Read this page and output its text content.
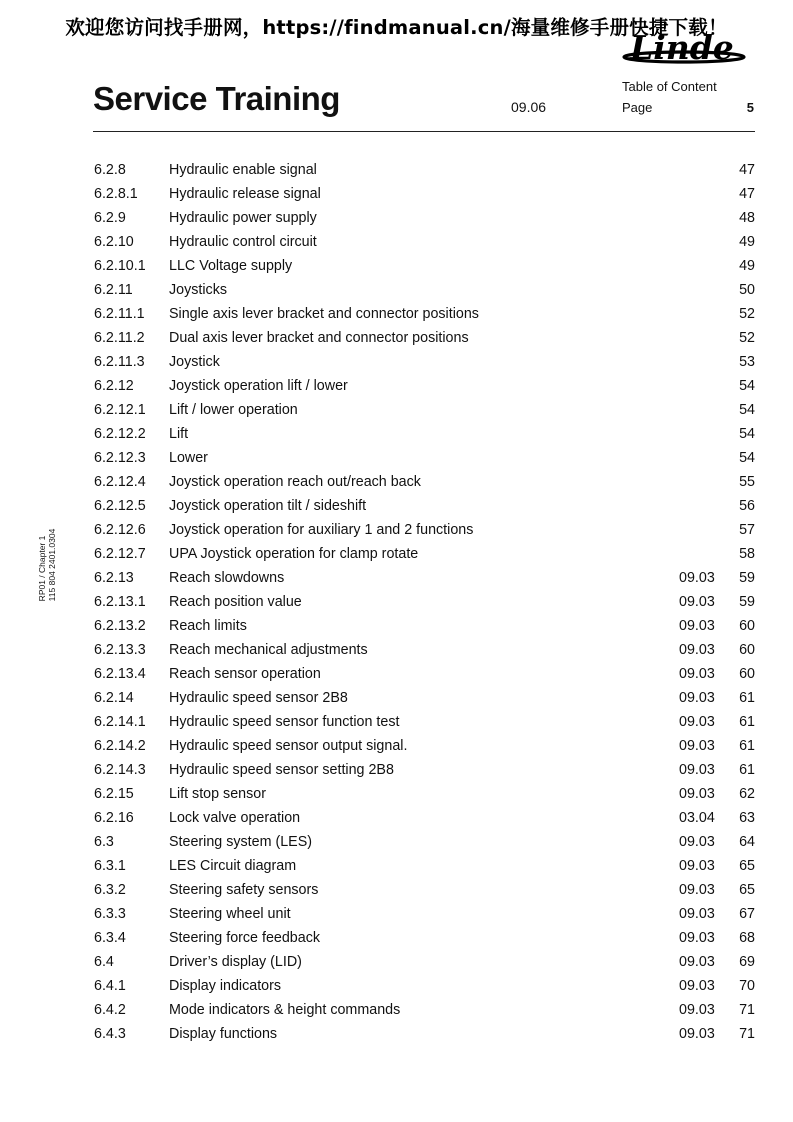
欢迎您访问找手册网，https://findmanual.cn/海量维修手册快捷下载！
Linde
Service Training	09.06
Table of Content
Page	5
RP01 / Chapter 1 115 804 2401.0304
6.2.8	Hydraulic enable signal	47
6.2.8.1 Hydraulic release signal	47
6.2.9	Hydraulic power supply	48
6.2.10 Hydraulic control circuit	49
6.2.10.1 LLC Voltage supply	49
6.2.11	Joysticks	50
6.2.11.1 Single axis lever bracket and connector positions	52
6.2.11.2 Dual axis lever bracket and connector positions	52
6.2.11.3 Joystick	53
6.2.12 Joystick operation lift / lower	54
6.2.12.1 Lift / lower operation	54
6.2.12.2 Lift	54
6.2.12.3 Lower	54
6.2.12.4 Joystick operation reach out/reach back	55
6.2.12.5 Joystick operation tilt / sideshift	56
6.2.12.6 Joystick operation for auxiliary 1 and 2 functions	57
6.2.12.7 UPA Joystick operation for clamp rotate	58
6.2.13 Reach slowdowns	09.03 59
6.2.13.1 Reach position value	09.03 59
6.2.13.2 Reach limits	09.03 60
6.2.13.3 Reach mechanical adjustments	09.03 60
6.2.13.4 Reach sensor operation	09.03 60
6.2.14 Hydraulic speed sensor 2B8	09.03 61
6.2.14.1 Hydraulic speed sensor function test	09.03 61
6.2.14.2 Hydraulic speed sensor output signal.	09.03 61
6.2.14.3 Hydraulic speed sensor setting 2B8	09.03 61
6.2.15 Lift stop sensor	09.03 62
6.2.16 Lock valve operation	03.04 63
6.3	Steering system (LES)	09.03 64
6.3.1	LES Circuit diagram	09.03 65
6.3.2	Steering safety sensors	09.03 65
6.3.3	Steering wheel unit	09.03 67
6.3.4	Steering force feedback	09.03 68
6.4	Driver’s display (LID)	09.03 69
6.4.1	Display indicators	09.03 70
6.4.2	Mode indicators & height commands	09.03 71
6.4.3	Display functions	09.03 71
